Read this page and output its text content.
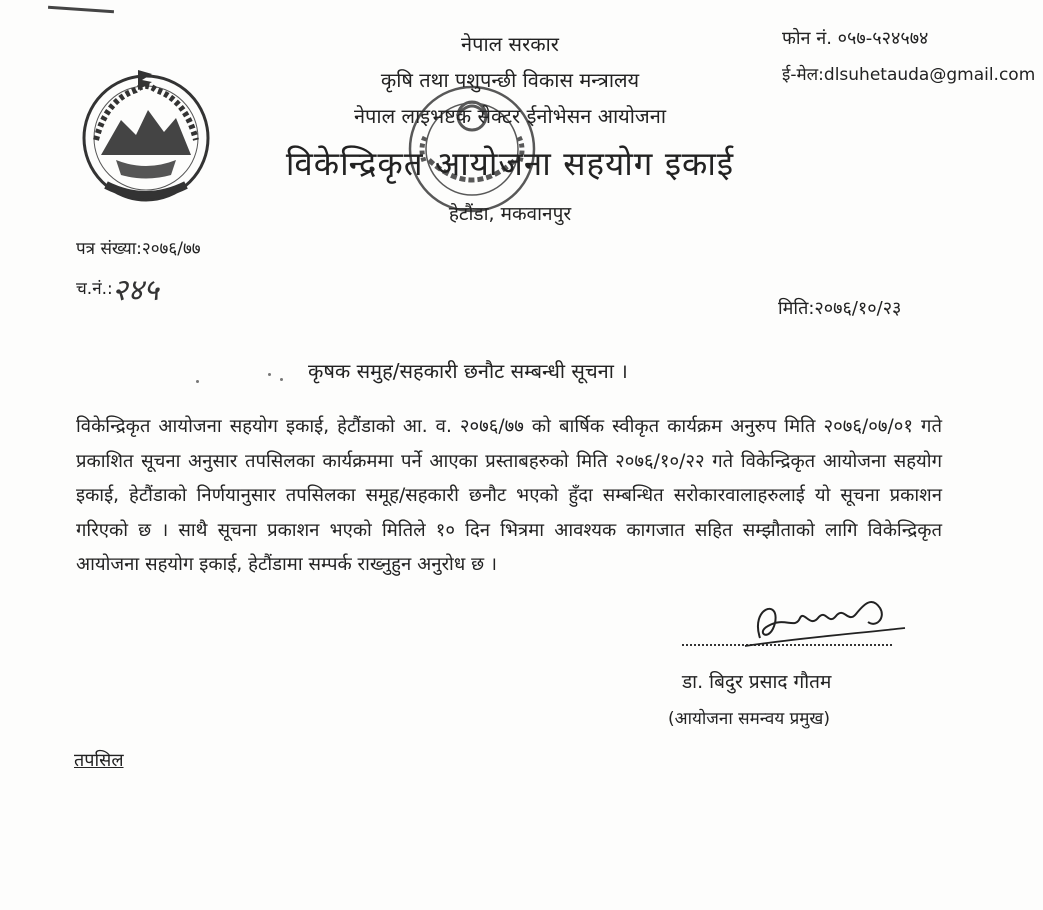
नेपाल सरकार
कृषि तथा पशुपन्छी विकास मन्त्रालय
नेपाल लाइभष्टक सेक्टर ईनोभेसन आयोजना
विकेन्द्रिकृत आयोजना सहयोग इकाई
हेटौंडा, मकवानपुर
फोन नं. ०५७-५२४५७४
ई-मेल:dlsuhetauda@gmail.com
पत्र संख्या:२०७६/७७
च.नं.: २४५
मिति:२०७६/१०/२३
कृषक समुह/सहकारी छनौट सम्बन्धी सूचना ।
विकेन्द्रिकृत आयोजना सहयोग इकाई, हेटौंडाको आ. व. २०७६/७७ को बार्षिक स्वीकृत कार्यक्रम अनुरुप मिति २०७६/०७/०१ गते प्रकाशित सूचना अनुसार तपसिलका कार्यक्रममा पर्ने आएका प्रस्ताबहरुको मिति २०७६/१०/२२ गते विकेन्द्रिकृत आयोजना सहयोग इकाई, हेटौंडाको निर्णयानुसार तपसिलका समूह/सहकारी छनौट भएको हुँदा सम्बन्धित सरोकारवालाहरुलाई यो सूचना प्रकाशन गरिएको छ । साथै सूचना प्रकाशन भएको मितिले १० दिन भित्रमा आवश्यक कागजात सहित सम्झौताको लागि विकेन्द्रिकृत आयोजना सहयोग इकाई, हेटौंडामा सम्पर्क राख्नुहुन अनुरोध छ ।
डा. बिदुर प्रसाद गौतम
(आयोजना समन्वय प्रमुख)
तपसिल
